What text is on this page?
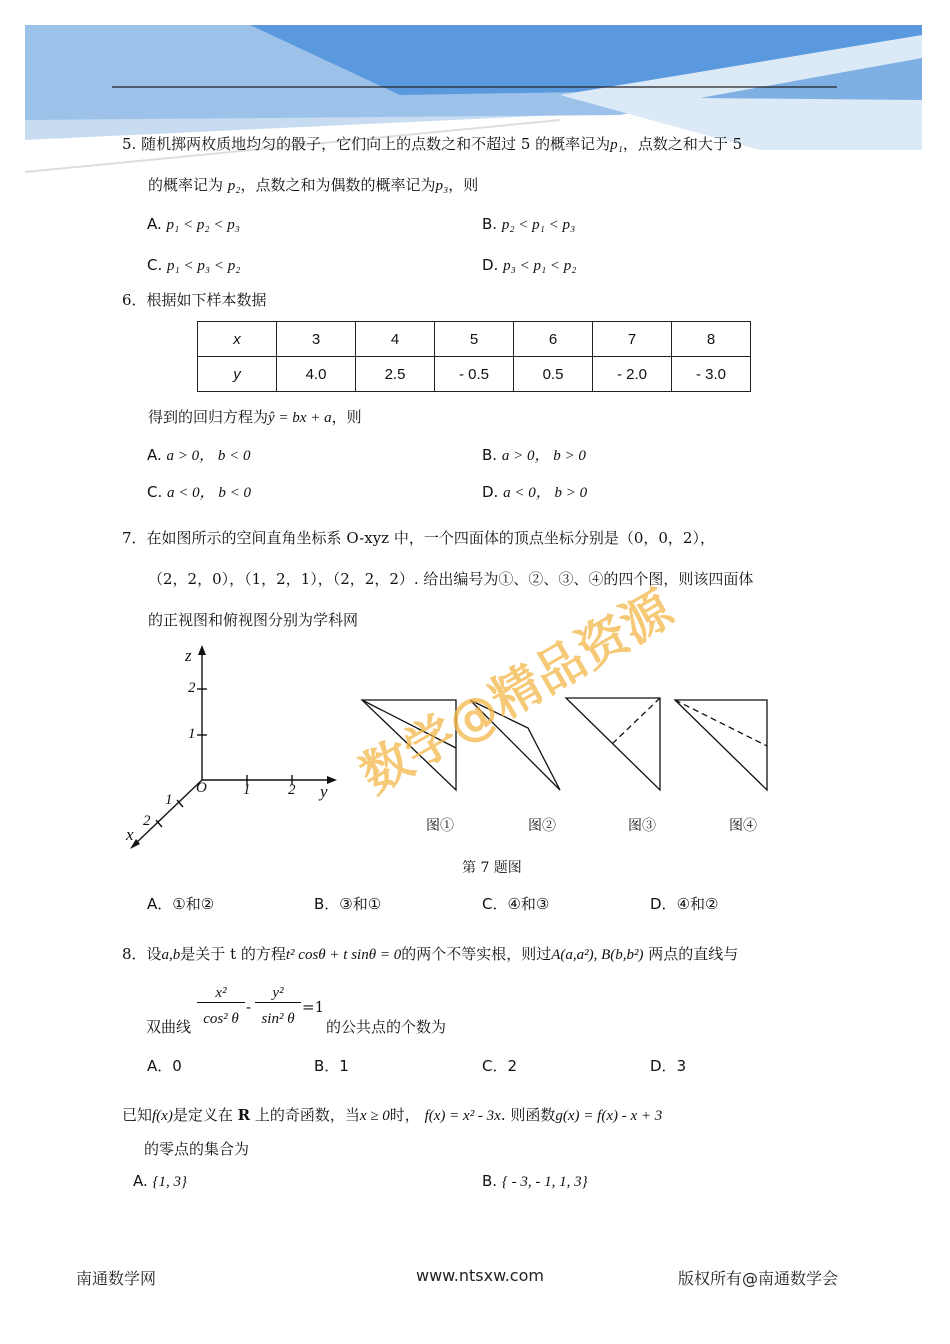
5. 随机掷两枚质地均匀的骰子，它们向上的点数之和不超过 5 的概率记为p₁，点数之和大于 5
的概率记为 p₂，点数之和为偶数的概率记为p₃，则
A. p₁ < p₂ < p₃	B. p₂ < p₁ < p₃
C. p₁ < p₃ < p₂	D. p₃ < p₁ < p₂
6．根据如下样本数据
x	3	4	5	6	7	8
y	4.0	2.5	- 0.5	0.5	- 2.0	- 3.0
得到的回归方程为ŷ = bx + a，则
A. a > 0， b < 0	B. a > 0， b > 0
C. a < 0， b < 0	D. a < 0， b > 0
7．在如图所示的空间直角坐标系 O-xyz 中，一个四面体的顶点坐标分别是（0，0，2），
（2，2，0），（1，2，1），（2，2，2）. 给出编号为①、②、③、④的四个图，则该四面体
的正视图和俯视图分别为学科网
z
y
x
O
2
1
1	2
1
2	图①	图②	图③	图④
第 7 题图
A．①和②	B．③和①	C．④和③	D．④和②
8．设a,b是关于 t 的方程t² cosθ + t sinθ = 0的两个不等实根，则过A(a,a²), B(b,b²) 两点的直线与
双曲线
x²
cos² θ
-
y²
sin² θ
=1
的公共点的个数为
A．0	B．1	C．2	D．3
已知f(x)是定义在 R 上的奇函数，当x ≥ 0时， f(x) = x² - 3x. 则函数g(x) = f(x) - x + 3
的零点的集合为
A. {1, 3}	B. { - 3, - 1, 1, 3}
数学@精品资源
南通数学网	www.ntsxw.com	版权所有@南通数学会
